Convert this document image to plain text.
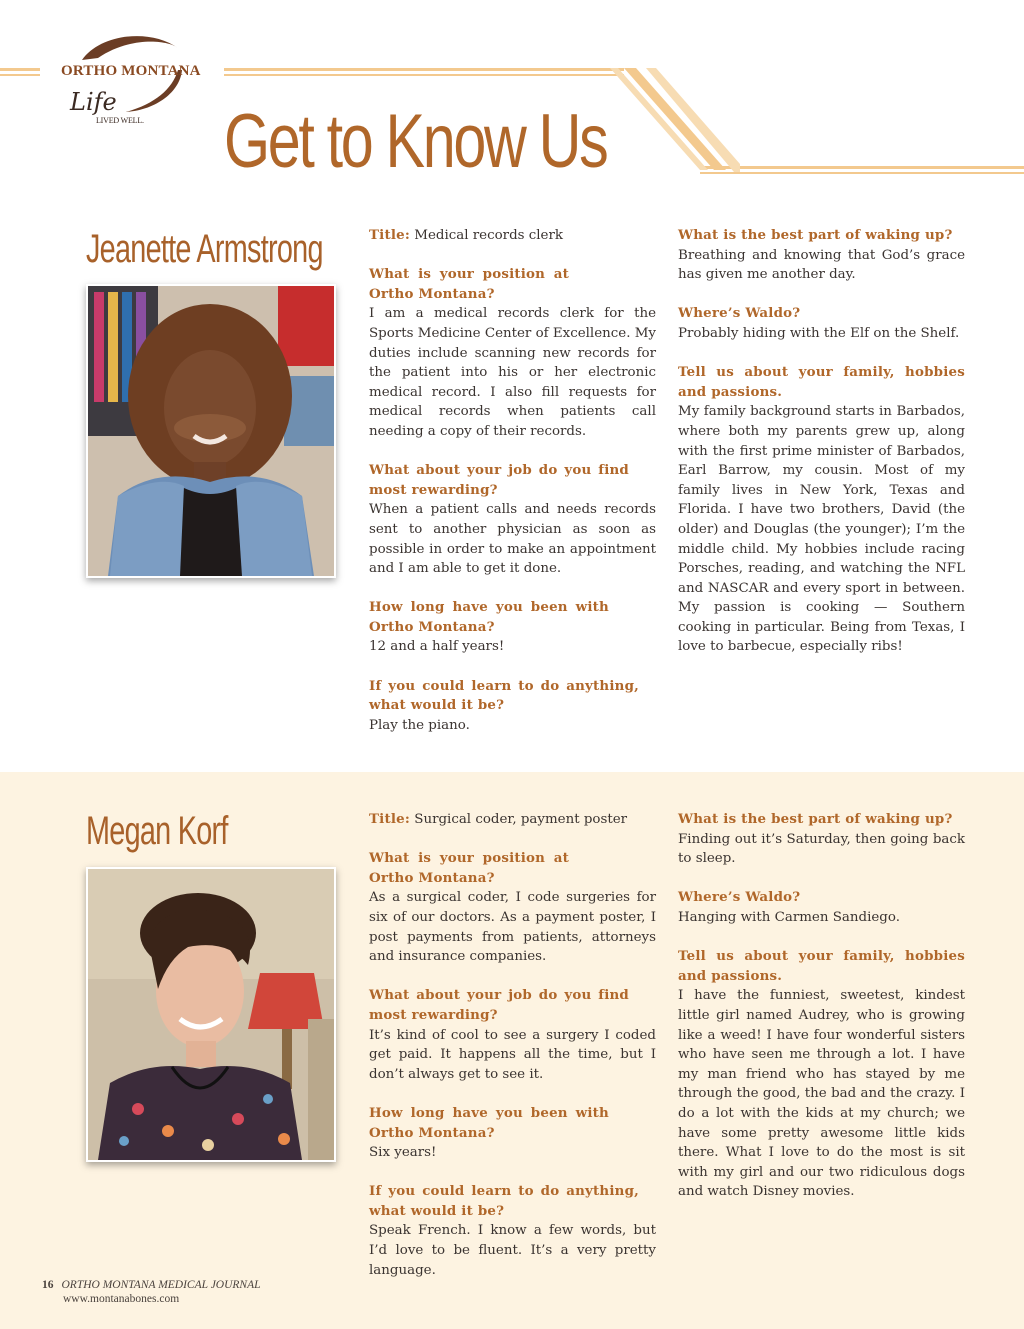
ORTHO MONTANA
Life
LIVED WELL. Get to Know Us
Jeanette Armstrong	Title: Medical records clerk

What is your position at Ortho Montana?
I am a medical records clerk for the Sports Medicine Center of Excellence. My duties include scanning new records for the patient into his or her electronic medical record. I also fill requests for medical records when patients call needing a copy of their records.

What about your job do you find most rewarding?
When a patient calls and needs records sent to another physician as soon as possible in order to make an appointment and I am able to get it done.

How long have you been with Ortho Montana?
12 and a half years!

If you could learn to do anything, what would it be?
Play the piano.

What is the best part of waking up?
Breathing and knowing that God’s grace has given me another day.

Where’s Waldo?
Probably hiding with the Elf on the Shelf.

Tell us about your family, hobbies and passions.
My family background starts in Barbados, where both my parents grew up, along with the first prime minister of Barbados, Earl Barrow, my cousin. Most of my family lives in New York, Texas and Florida. I have two brothers, David (the older) and Douglas (the younger); I’m the middle child. My hobbies include racing Porsches, reading, and watching the NFL and NASCAR and every sport in between. My passion is cooking — Southern cooking in particular. Being from Texas, I love to barbecue, especially ribs!

Megan Korf	Title: Surgical coder, payment poster

What is your position at Ortho Montana?
As a surgical coder, I code surgeries for six of our doctors. As a payment poster, I post payments from patients, attorneys and insurance companies.

What about your job do you find most rewarding?
It’s kind of cool to see a surgery I coded get paid. It happens all the time, but I don’t always get to see it.

How long have you been with Ortho Montana?
Six years!

If you could learn to do anything, what would it be?
Speak French. I know a few words, but I’d love to be fluent. It’s a very pretty language.

What is the best part of waking up?
Finding out it’s Saturday, then going back to sleep.

Where’s Waldo?
Hanging with Carmen Sandiego.

Tell us about your family, hobbies and passions.
I have the funniest, sweetest, kindest little girl named Audrey, who is growing like a weed! I have four wonderful sisters who have seen me through a lot. I have my man friend who has stayed by me through the good, the bad and the crazy. I do a lot with the kids at my church; we have some pretty awesome little kids there. What I love to do the most is sit with my girl and our two ridiculous dogs and watch Disney movies.

16 ORTHO MONTANA MEDICAL JOURNAL
www.montanabones.com
